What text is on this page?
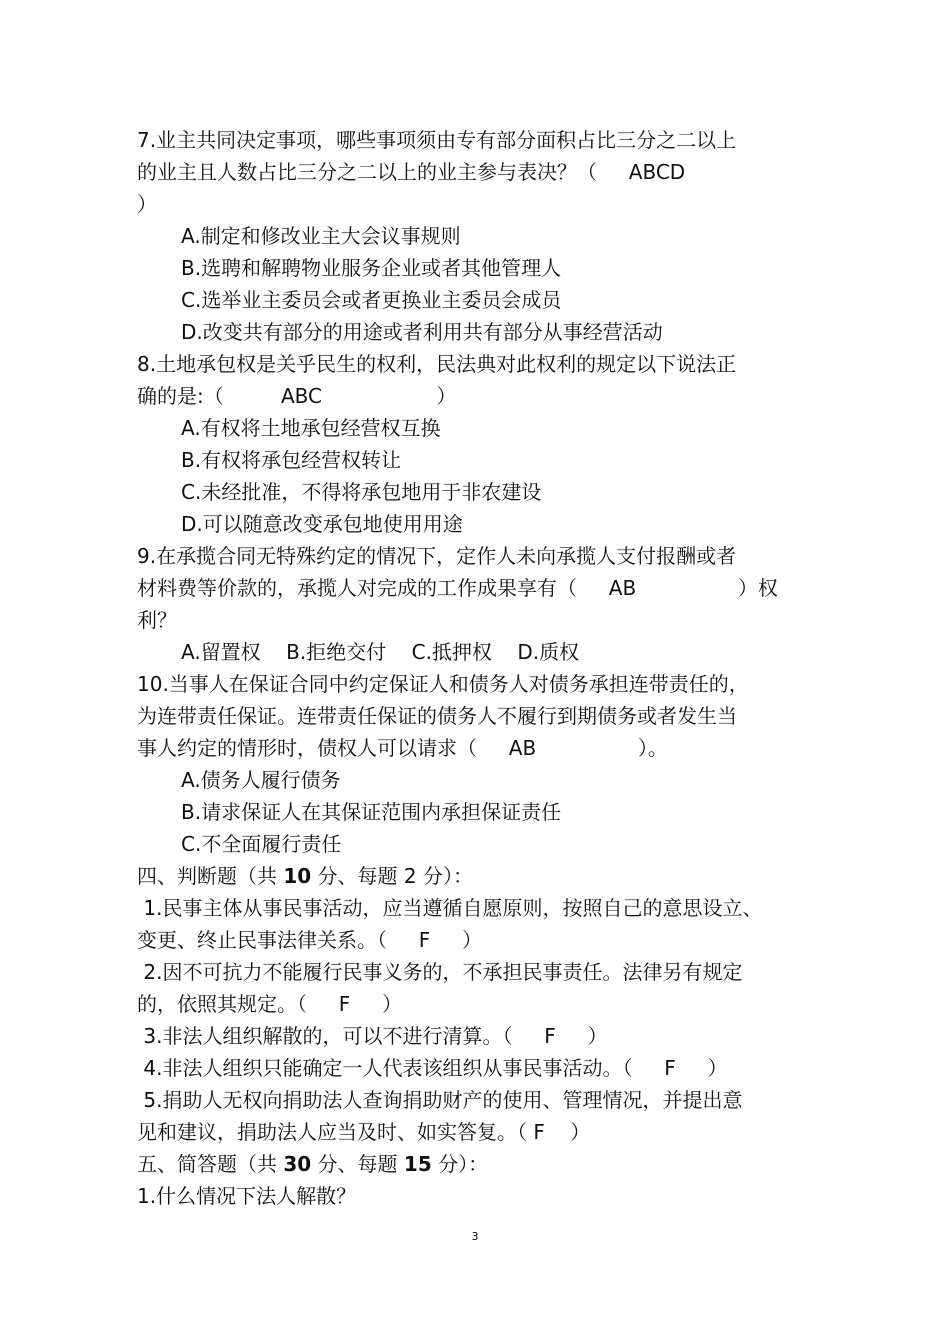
7.业主共同决定事项，哪些事项须由专有部分面积占比三分之二以上
的业主且人数占比三分之二以上的业主参与表决？（     ABCD
）
A.制定和修改业主大会议事规则
B.选聘和解聘物业服务企业或者其他管理人
C.选举业主委员会或者更换业主委员会成员
D.改变共有部分的用途或者利用共有部分从事经营活动
8.土地承包权是关乎民生的权利，民法典对此权利的规定以下说法正
确的是:（         ABC                  ）
A.有权将土地承包经营权互换
B.有权将承包经营权转让
C.未经批准，不得将承包地用于非农建设
D.可以随意改变承包地使用用途
9.在承揽合同无特殊约定的情况下，定作人未向承揽人支付报酬或者
材料费等价款的，承揽人对完成的工作成果享有（     AB                ）权
利？
A.留置权    B.拒绝交付    C.抵押权    D.质权
10.当事人在保证合同中约定保证人和债务人对债务承担连带责任的，
为连带责任保证。连带责任保证的债务人不履行到期债务或者发生当
事人约定的情形时，债权人可以请求（     AB                ）。
A.债务人履行债务
B.请求保证人在其保证范围内承担保证责任
C.不全面履行责任
四、判断题（共 10 分、每题 2 分）：
1.民事主体从事民事活动，应当遵循自愿原则，按照自己的意思设立、
变更、终止民事法律关系。（     F     ）
2.因不可抗力不能履行民事义务的，不承担民事责任。法律另有规定
的，依照其规定。（     F     ）
3.非法人组织解散的，可以不进行清算。（     F     ）
4.非法人组织只能确定一人代表该组织从事民事活动。（     F     ）
5.捐助人无权向捐助法人查询捐助财产的使用、管理情况，并提出意
见和建议，捐助法人应当及时、如实答复。（ F    ）
五、简答题（共 30 分、每题 15 分）：
1.什么情况下法人解散？
3
